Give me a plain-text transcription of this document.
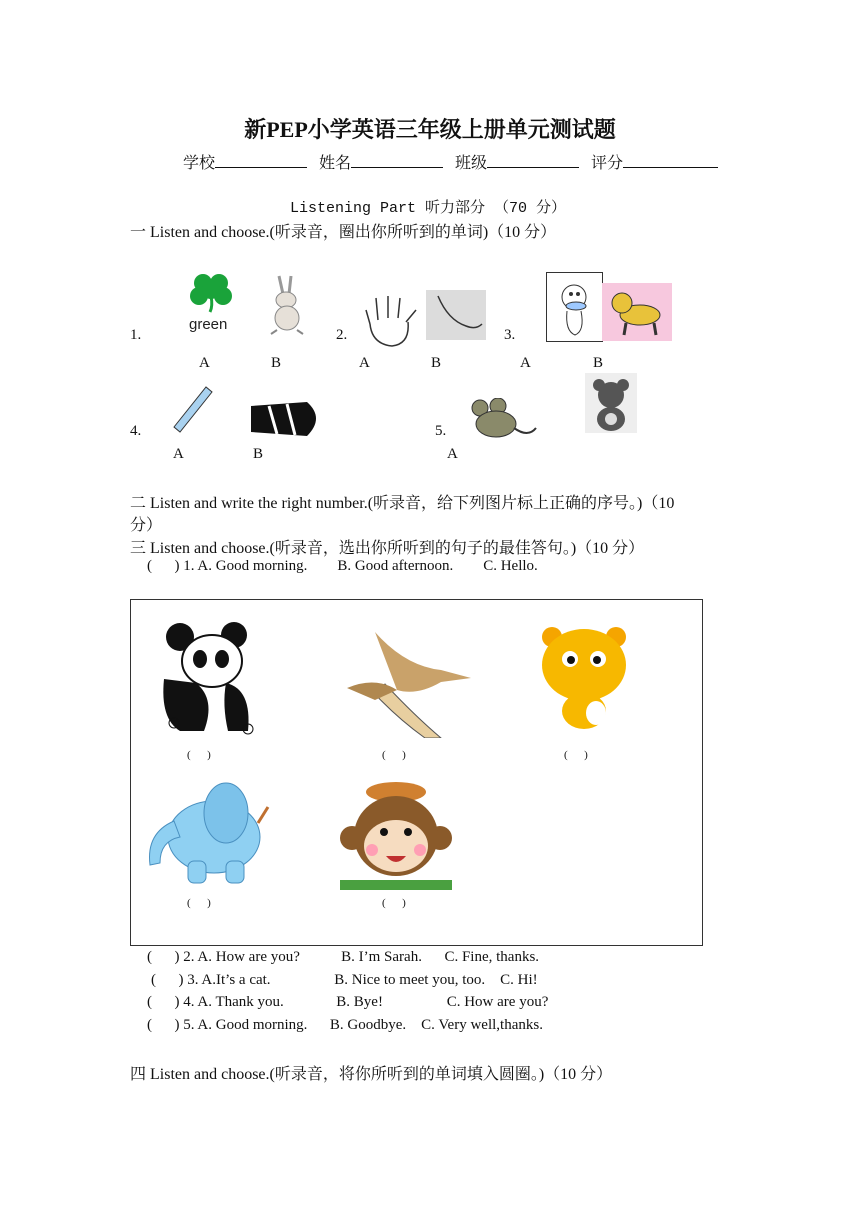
新PEP小学英语三年级上册单元测试题
学校	姓名	班级	评分
Listening Part 听力部分 （70 分）
一 Listen and choose.(听录音，圈出你所听到的单词)（10 分）
green
1.	2.	3.
A	B	A	B	A	B
4.	5.
A	B	A
二 Listen and write the right number.(听录音，给下列图片标上正确的序号。)（10
分）
三 Listen and choose.(听录音，选出你所听到的句子的最佳答句。)（10 分）
(      ) 1. A. Good morning.        B. Good afternoon.        C. Hello.
(      )	(      )	(      )
(      )	(      )
(      ) 2. A. How are you?           B. I’m Sarah.      C. Fine, thanks.
(      ) 3. A.It’s a cat.                 B. Nice to meet you, too.    C. Hi!
(      ) 4. A. Thank you.              B. Bye!                 C. How are you?
(      ) 5. A. Good morning.      B. Goodbye.    C. Very well,thanks.
四 Listen and choose.(听录音，将你所听到的单词填入圆圈。)（10 分）
